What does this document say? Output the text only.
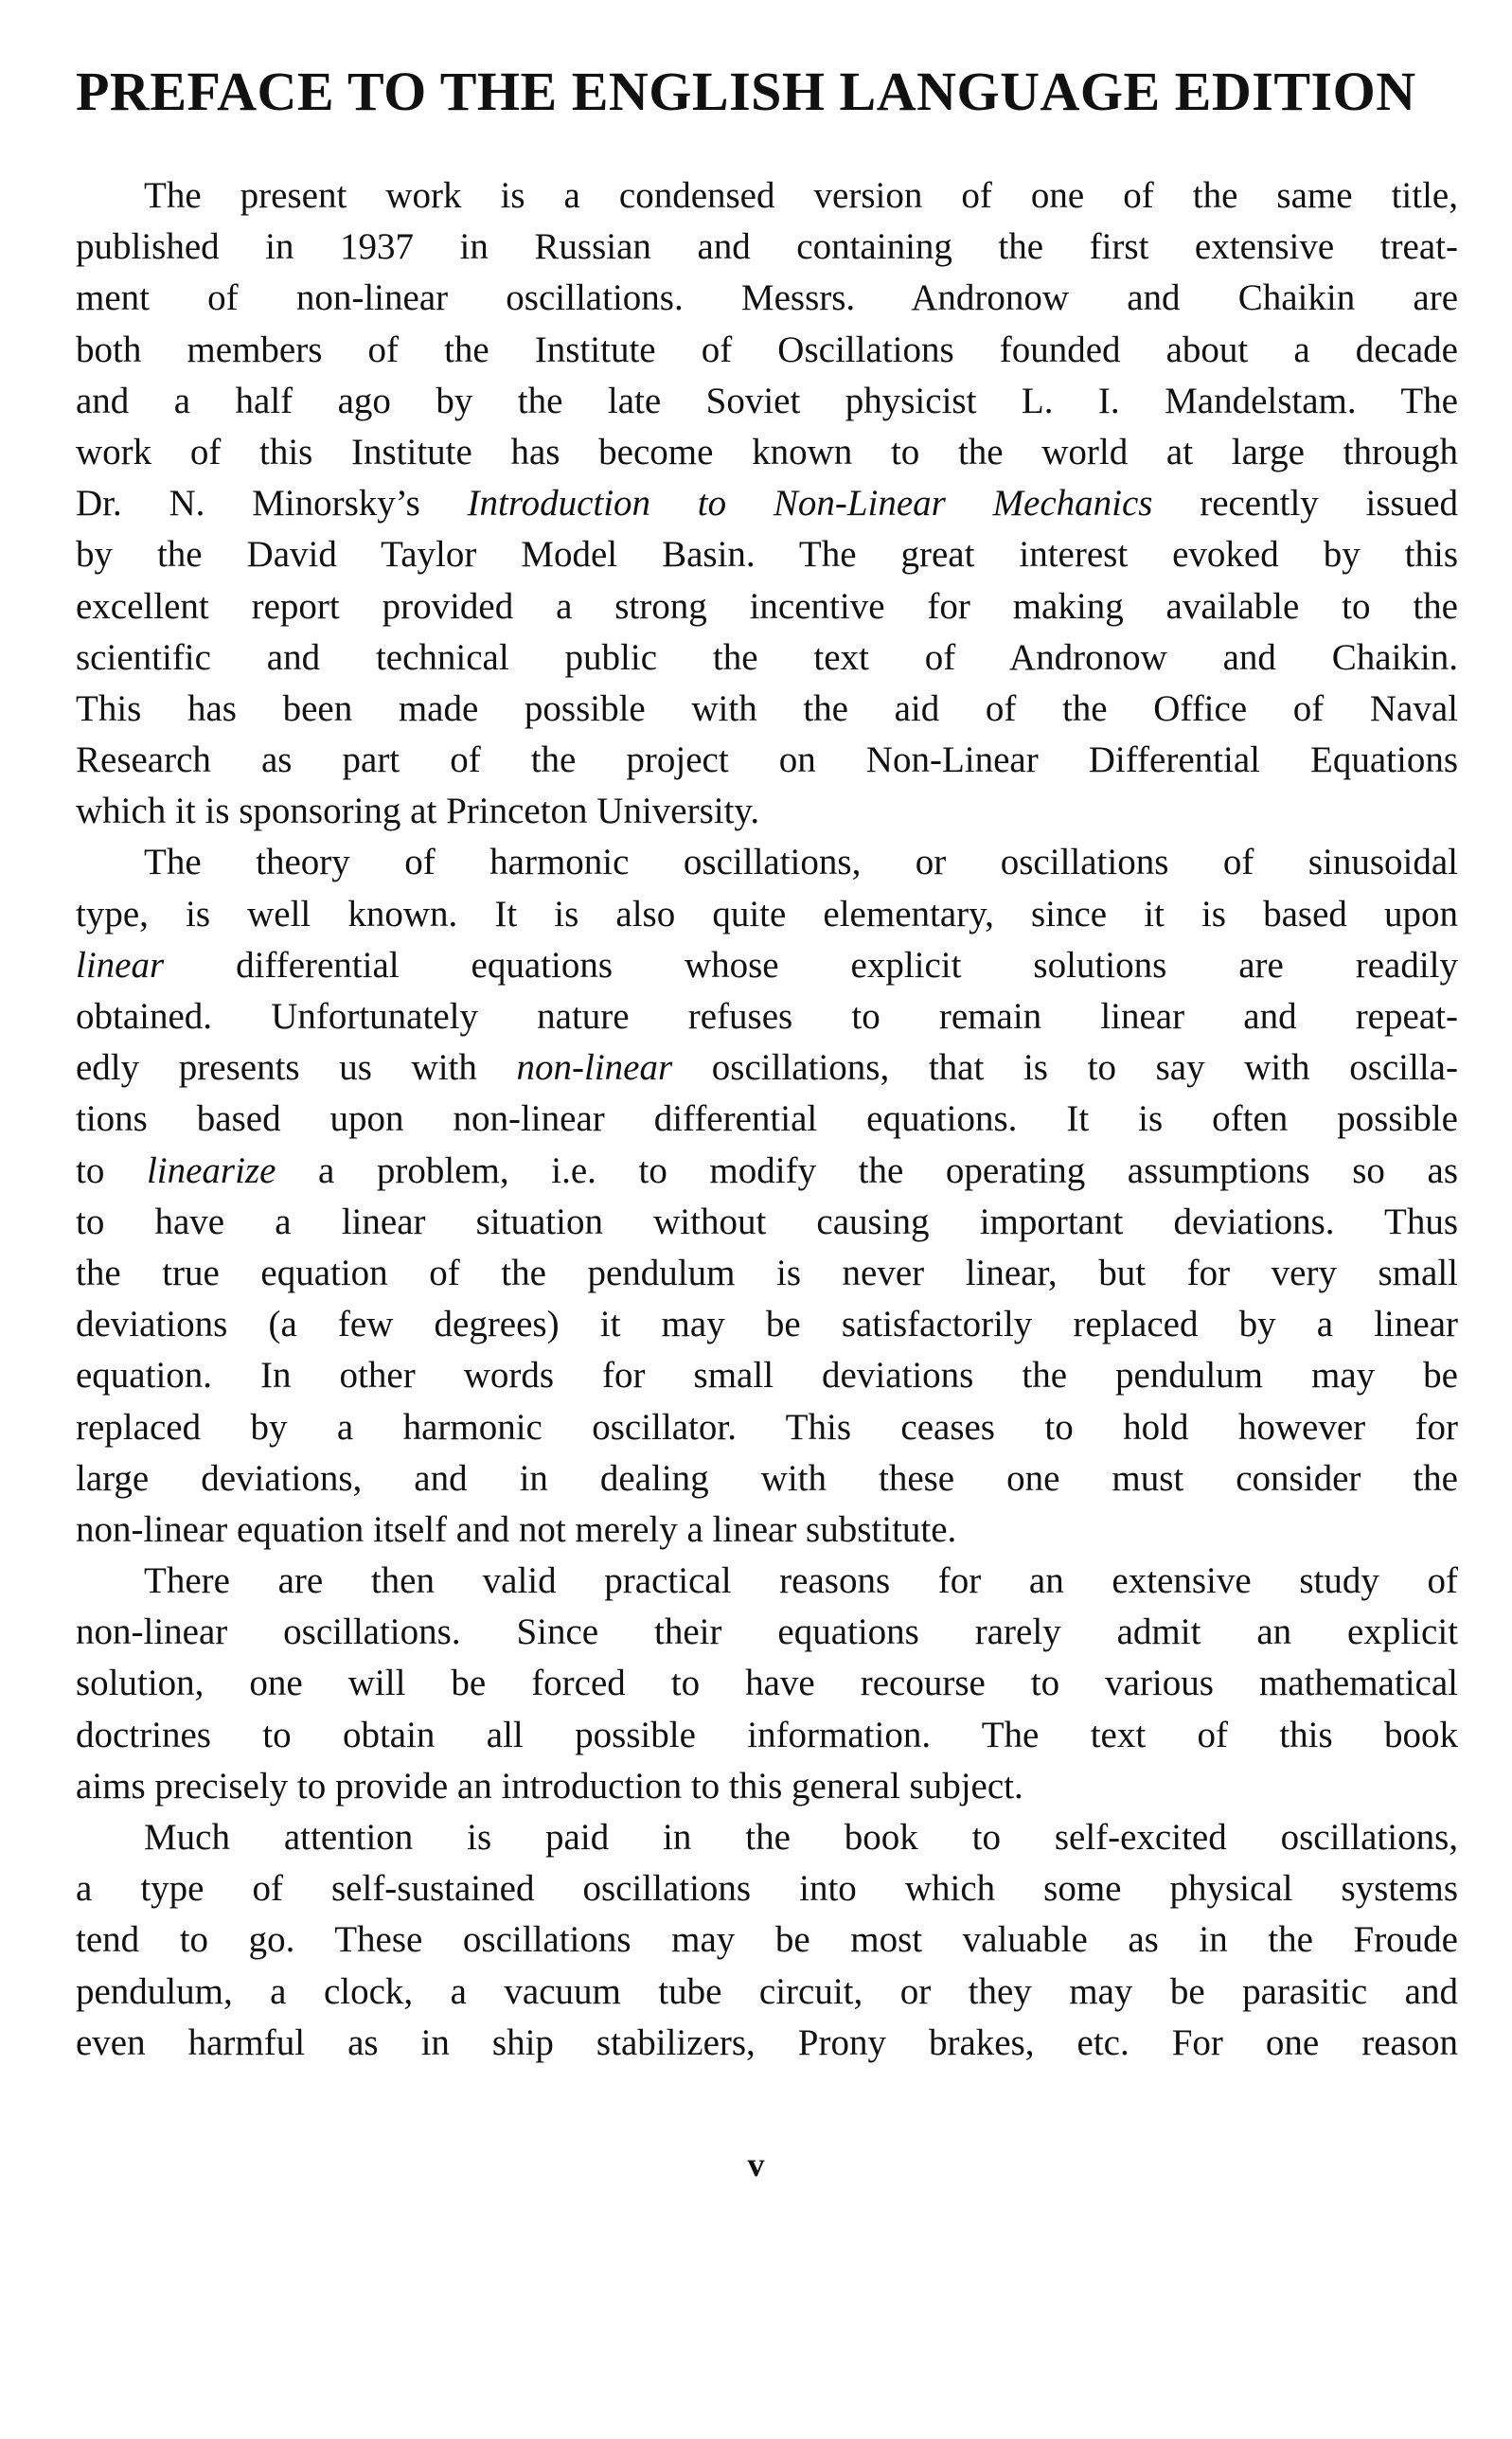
PREFACE TO THE ENGLISH LANGUAGE EDITION
The present work is a condensed version of one of the same title,
published in 1937 in Russian and containing the first extensive treat-
ment of non-linear oscillations. Messrs. Andronow and Chaikin are
both members of the Institute of Oscillations founded about a decade
and a half ago by the late Soviet physicist L. I. Mandelstam. The
work of this Institute has become known to the world at large through
Dr. N. Minorsky’s Introduction to Non-Linear Mechanics recently issued
by the David Taylor Model Basin. The great interest evoked by this
excellent report provided a strong incentive for making available to the
scientific and technical public the text of Andronow and Chaikin.
This has been made possible with the aid of the Office of Naval
Research as part of the project on Non-Linear Differential Equations
which it is sponsoring at Princeton University.
The theory of harmonic oscillations, or oscillations of sinusoidal
type, is well known. It is also quite elementary, since it is based upon
linear differential equations whose explicit solutions are readily
obtained. Unfortunately nature refuses to remain linear and repeat-
edly presents us with non-linear oscillations, that is to say with oscilla-
tions based upon non-linear differential equations. It is often possible
to linearize a problem, i.e. to modify the operating assumptions so as
to have a linear situation without causing important deviations. Thus
the true equation of the pendulum is never linear, but for very small
deviations (a few degrees) it may be satisfactorily replaced by a linear
equation. In other words for small deviations the pendulum may be
replaced by a harmonic oscillator. This ceases to hold however for
large deviations, and in dealing with these one must consider the
non-linear equation itself and not merely a linear substitute.
There are then valid practical reasons for an extensive study of
non-linear oscillations. Since their equations rarely admit an explicit
solution, one will be forced to have recourse to various mathematical
doctrines to obtain all possible information. The text of this book
aims precisely to provide an introduction to this general subject.
Much attention is paid in the book to self-excited oscillations,
a type of self-sustained oscillations into which some physical systems
tend to go. These oscillations may be most valuable as in the Froude
pendulum, a clock, a vacuum tube circuit, or they may be parasitic and
even harmful as in ship stabilizers, Prony brakes, etc. For one reason
v
